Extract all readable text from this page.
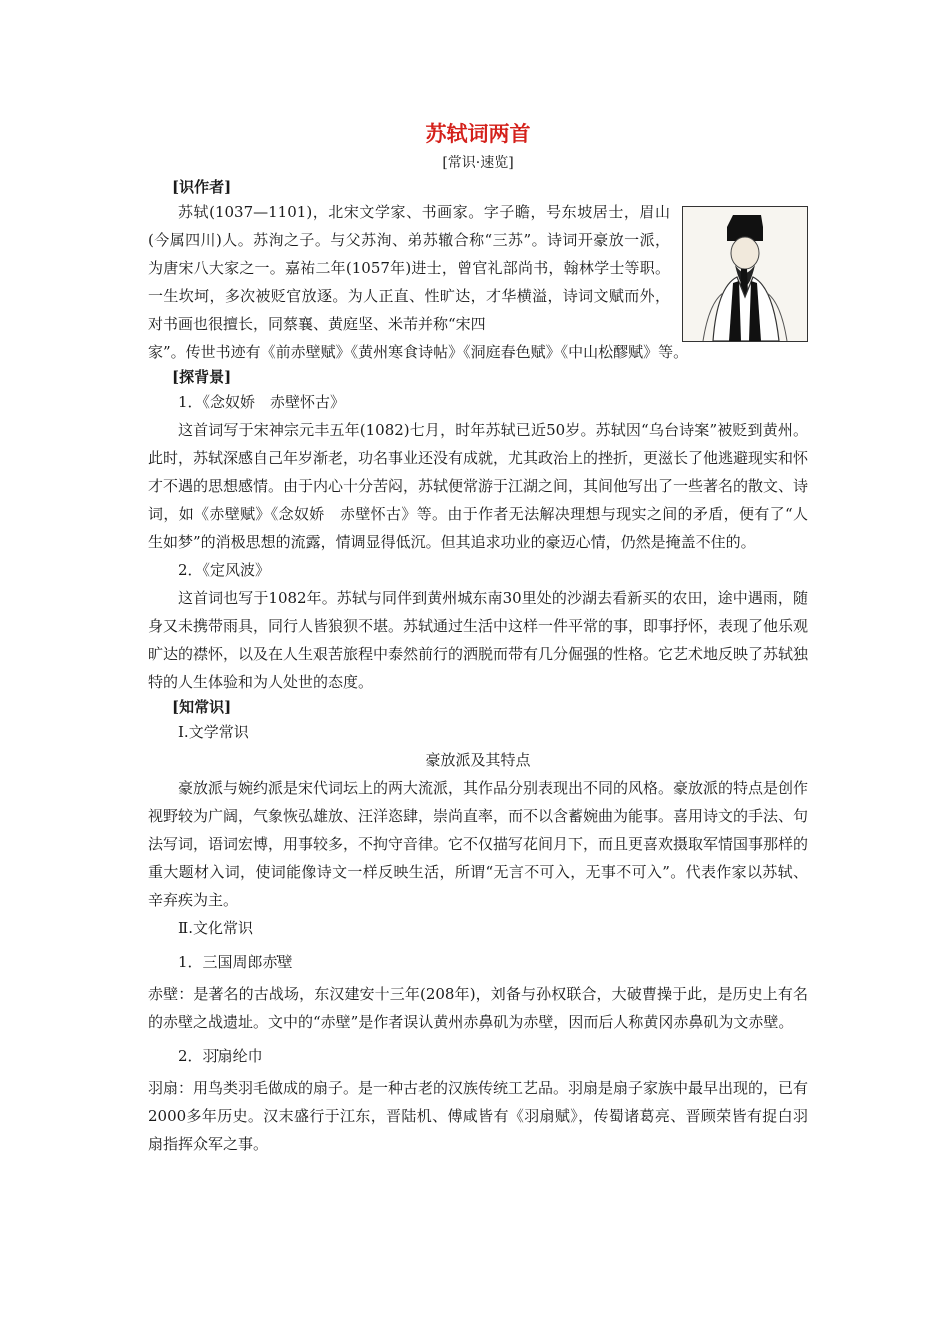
苏轼词两首
[常识·速览]
[识作者]

苏轼(1037—1101)，北宋文学家、书画家。字子瞻，号东坡居士，眉山(今属四川)人。苏洵之子。与父苏洵、弟苏辙合称“三苏”。诗词开豪放一派，为唐宋八大家之一。嘉祐二年(1057年)进士，曾官礼部尚书，翰林学士等职。一生坎坷，多次被贬官放逐。为人正直、性旷达，才华横溢，诗词文赋而外，对书画也很擅长，同蔡襄、黄庭坚、米芾并称“宋四

家”。传世书迹有《前赤壁赋》《黄州寒食诗帖》《洞庭春色赋》《中山松醪赋》等。

[探背景]
1．《念奴娇　赤壁怀古》

这首词写于宋神宗元丰五年(1082)七月，时年苏轼已近50岁。苏轼因“乌台诗案”被贬到黄州。此时，苏轼深感自己年岁渐老，功名事业还没有成就，尤其政治上的挫折，更滋长了他逃避现实和怀才不遇的思想感情。由于内心十分苦闷，苏轼便常游于江湖之间，其间他写出了一些著名的散文、诗词，如《赤壁赋》《念奴娇　赤壁怀古》等。由于作者无法解决理想与现实之间的矛盾，便有了“人生如梦”的消极思想的流露，情调显得低沉。但其追求功业的豪迈心情，仍然是掩盖不住的。

2．《定风波》

这首词也写于1082年。苏轼与同伴到黄州城东南30里处的沙湖去看新买的农田，途中遇雨，随身又未携带雨具，同行人皆狼狈不堪。苏轼通过生活中这样一件平常的事，即事抒怀，表现了他乐观旷达的襟怀，以及在人生艰苦旅程中泰然前行的洒脱而带有几分倔强的性格。它艺术地反映了苏轼独特的人生体验和为人处世的态度。

[知常识]
Ⅰ.文学常识
豪放派及其特点

豪放派与婉约派是宋代词坛上的两大流派，其作品分别表现出不同的风格。豪放派的特点是创作视野较为广阔，气象恢弘雄放、汪洋恣肆，崇尚直率，而不以含蓄婉曲为能事。喜用诗文的手法、句法写词，语词宏博，用事较多，不拘守音律。它不仅描写花间月下，而且更喜欢摄取军情国事那样的重大题材入词，使词能像诗文一样反映生活，所谓“无言不可入，无事不可入”。代表作家以苏轼、辛弃疾为主。

Ⅱ.文化常识
1．三国周郎赤壁

赤壁：是著名的古战场，东汉建安十三年(208年)，刘备与孙权联合，大破曹操于此，是历史上有名的赤壁之战遗址。文中的“赤壁”是作者误认黄州赤鼻矶为赤壁，因而后人称黄冈赤鼻矶为文赤壁。

2．羽扇纶巾

羽扇：用鸟类羽毛做成的扇子。是一种古老的汉族传统工艺品。羽扇是扇子家族中最早出现的，已有2000多年历史。汉末盛行于江东，晋陆机、傅咸皆有《羽扇赋》，传蜀诸葛亮、晋顾荣皆有捉白羽扇指挥众军之事。
